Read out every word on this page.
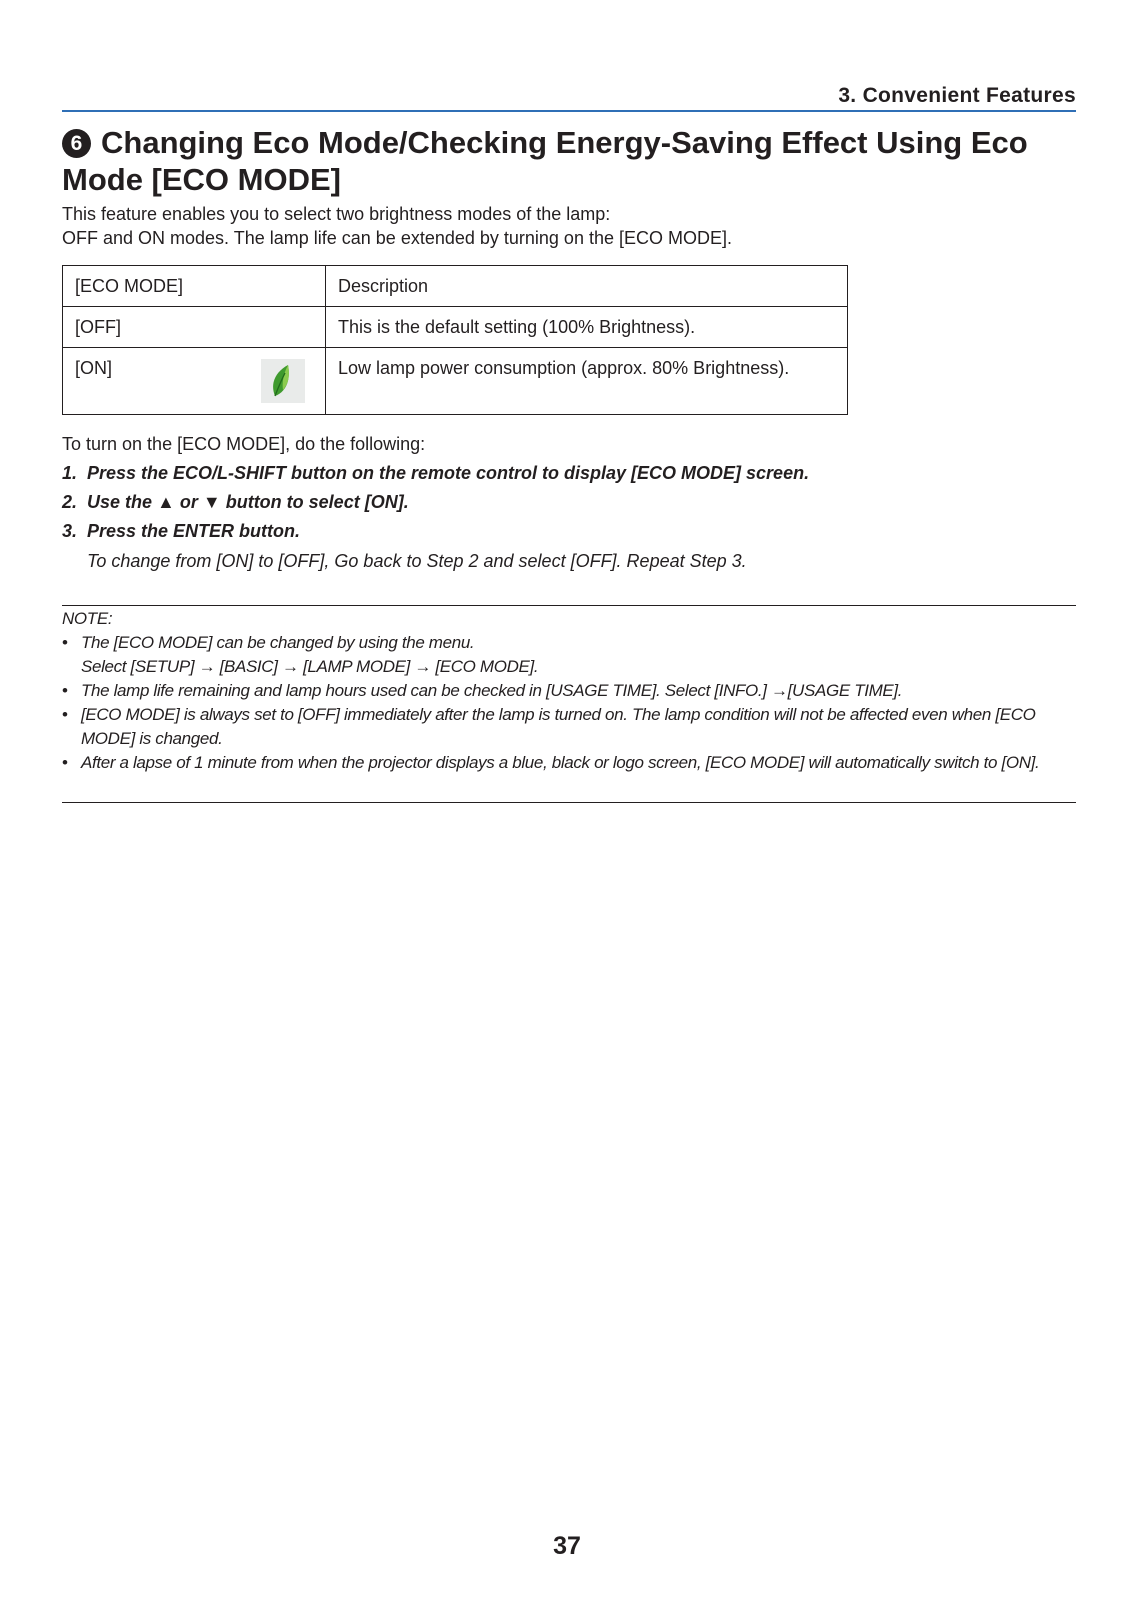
3. Convenient Features
6 Changing Eco Mode/Checking Energy-Saving Effect Using Eco Mode [ECO MODE]
This feature enables you to select two brightness modes of the lamp:
OFF and ON modes. The lamp life can be extended by turning on the [ECO MODE].
[ECO MODE]	Description
[OFF]	This is the default setting (100% Brightness).
[ON]	Low lamp power consumption (approx. 80% Brightness).
To turn on the [ECO MODE], do the following:
1. Press the ECO/L-SHIFT button on the remote control to display [ECO MODE] screen.
2. Use the ▲ or ▼ button to select [ON].
3. Press the ENTER button.
To change from [ON] to [OFF], Go back to Step 2 and select [OFF]. Repeat Step 3.
NOTE:
• The [ECO MODE] can be changed by using the menu.
Select [SETUP] → [BASIC] → [LAMP MODE] → [ECO MODE].
• The lamp life remaining and lamp hours used can be checked in [USAGE TIME]. Select [INFO.] →[USAGE TIME].
• [ECO MODE] is always set to [OFF] immediately after the lamp is turned on. The lamp condition will not be affected even when [ECO MODE] is changed.
• After a lapse of 1 minute from when the projector displays a blue, black or logo screen, [ECO MODE] will automatically switch to [ON].
37
